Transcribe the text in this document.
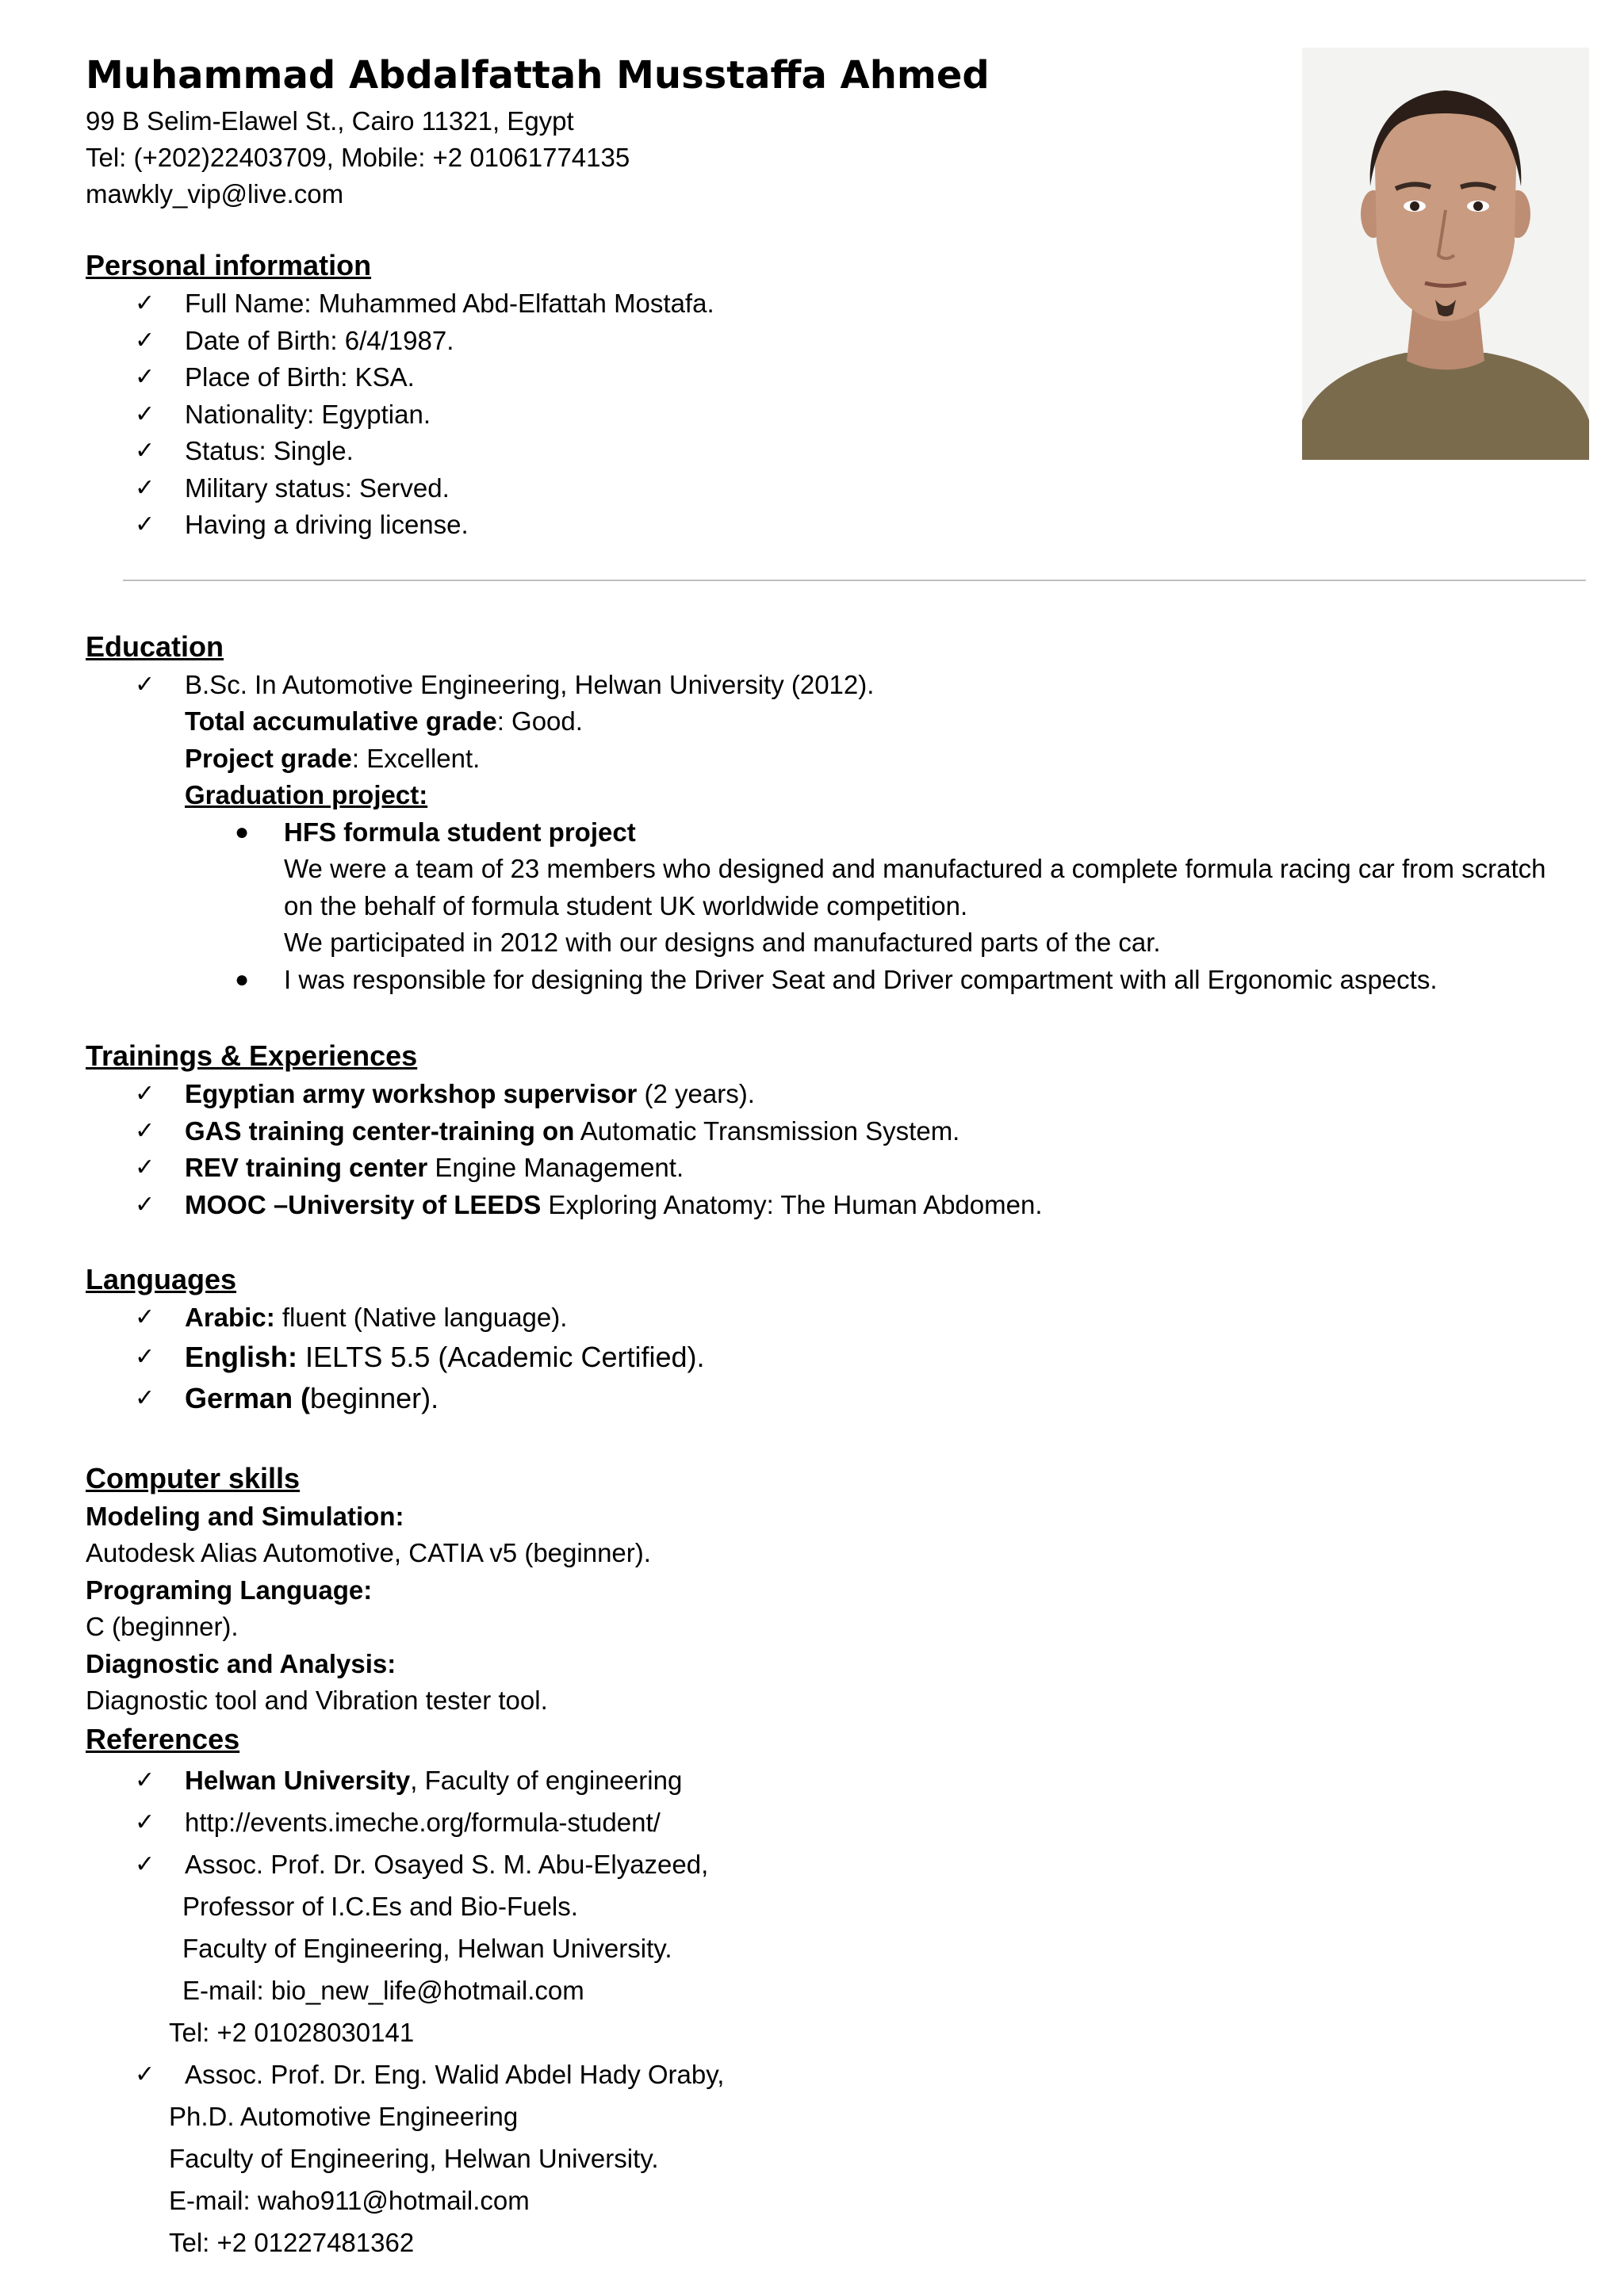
Muhammad Abdalfattah Musstaffa Ahmed
99 B Selim-Elawel St., Cairo 11321, Egypt
Tel: (+202)22403709, Mobile: +2 01061774135
mawkly_vip@live.com
Personal information
✓ Full Name: Muhammed Abd-Elfattah Mostafa.
✓ Date of Birth: 6/4/1987.
✓ Place of Birth: KSA.
✓ Nationality: Egyptian.
✓ Status: Single.
✓ Military status: Served.
✓ Having a driving license.
Education
✓ B.Sc. In Automotive Engineering, Helwan University (2012).
Total accumulative grade: Good.
Project grade: Excellent.
Graduation project:
● HFS formula student project
We were a team of 23 members who designed and manufactured a complete formula racing car from scratch
on the behalf of formula student UK worldwide competition.
We participated in 2012 with our designs and manufactured parts of the car.
● I was responsible for designing the Driver Seat and Driver compartment with all Ergonomic aspects.
Trainings & Experiences
✓ Egyptian army workshop supervisor (2 years).
✓ GAS training center-training on Automatic Transmission System.
✓ REV training center Engine Management.
✓ MOOC –University of LEEDS Exploring Anatomy: The Human Abdomen.
Languages
✓ Arabic: fluent (Native language).
✓ English: IELTS 5.5 (Academic Certified).
✓ German (beginner).
Computer skills
Modeling and Simulation:
Autodesk Alias Automotive, CATIA v5 (beginner).
Programing Language:
C (beginner).
Diagnostic and Analysis:
Diagnostic tool and Vibration tester tool.
References
✓ Helwan University, Faculty of engineering
✓ http://events.imeche.org/formula-student/
✓ Assoc. Prof. Dr. Osayed S. M. Abu-Elyazeed,
Professor of I.C.Es and Bio-Fuels.
Faculty of Engineering, Helwan University.
E-mail: bio_new_life@hotmail.com
Tel: +2 01028030141
✓ Assoc. Prof. Dr. Eng. Walid Abdel Hady Oraby,
Ph.D. Automotive Engineering
Faculty of Engineering, Helwan University.
E-mail: waho911@hotmail.com
Tel: +2 01227481362
